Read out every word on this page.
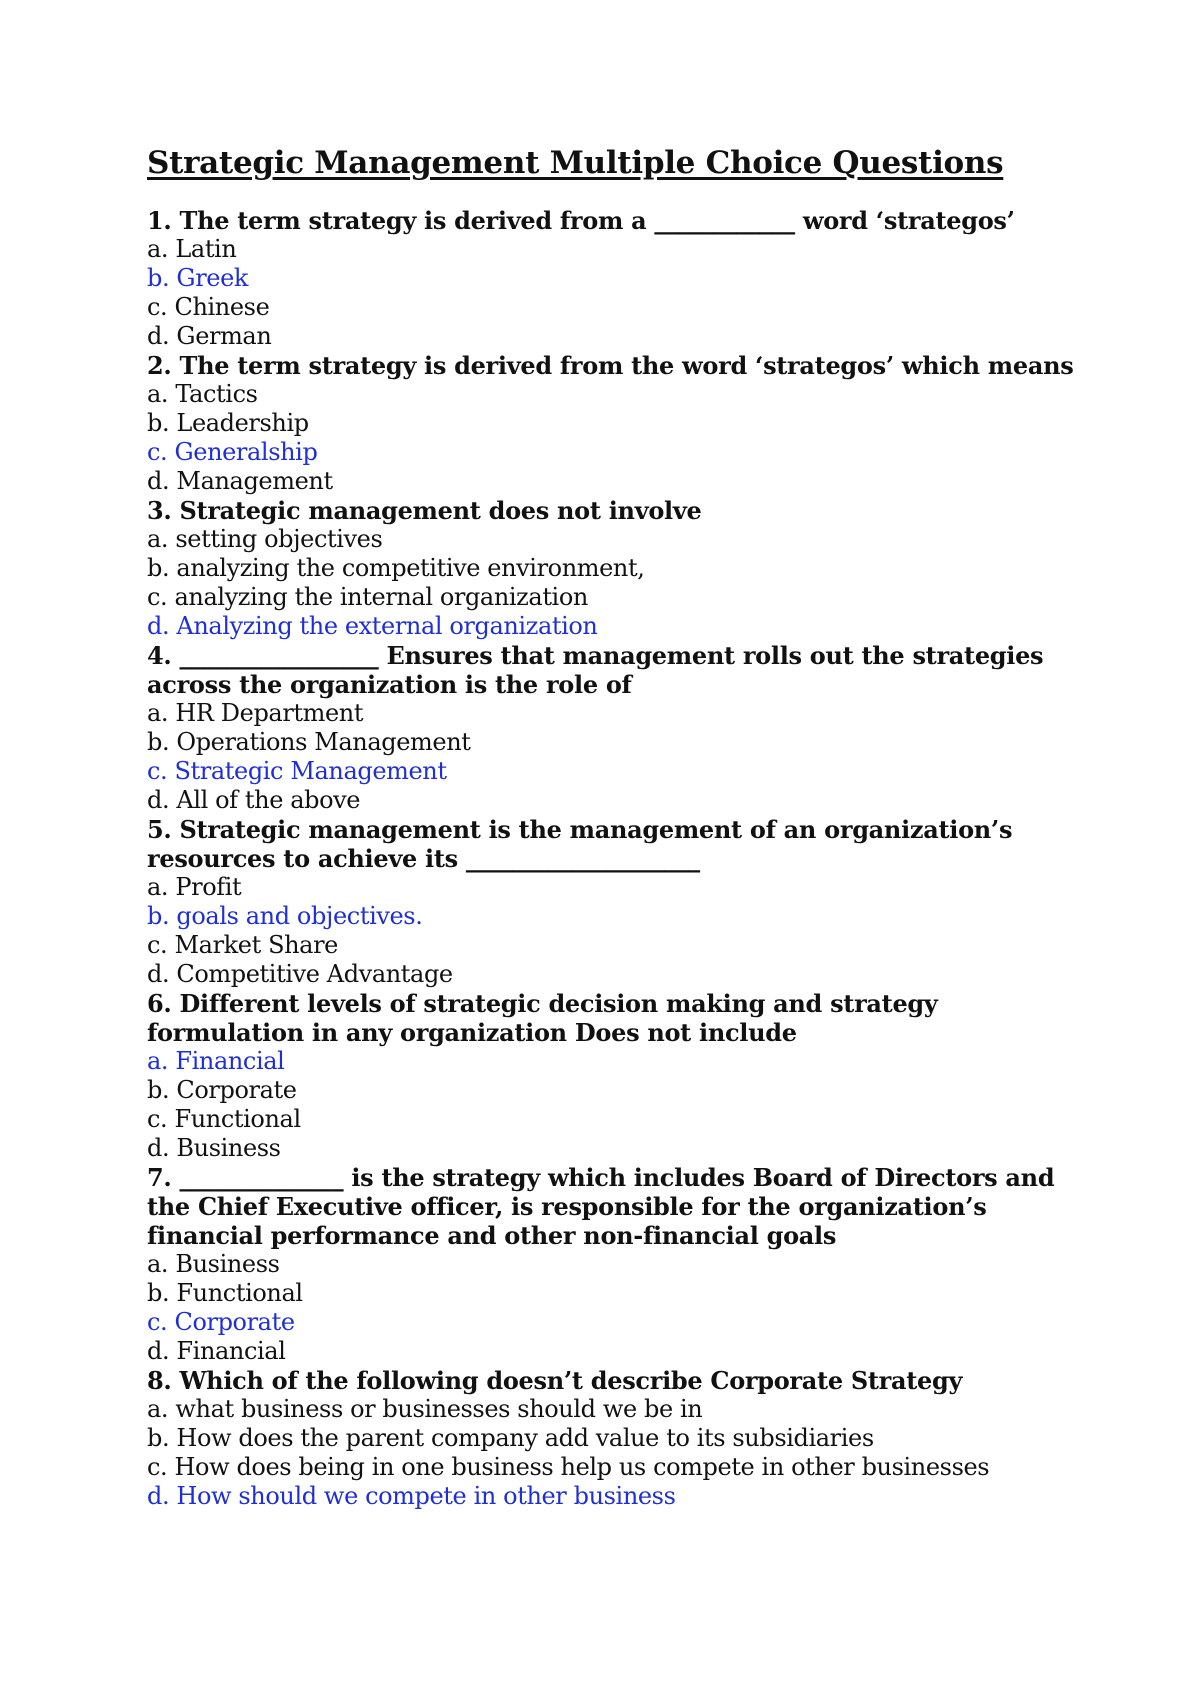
Strategic Management Multiple Choice Questions
1. The term strategy is derived from a ____________ word ‘strategos’
a. Latin
b. Greek
c. Chinese
d. German
2. The term strategy is derived from the word ‘strategos’ which means
a. Tactics
b. Leadership
c. Generalship
d. Management
3. Strategic management does not involve
a. setting objectives
b. analyzing the competitive environment,
c. analyzing the internal organization
d. Analyzing the external organization
4. _________________ Ensures that management rolls out the strategies across the organization is the role of
a. HR Department
b. Operations Management
c. Strategic Management
d. All of the above
5. Strategic management is the management of an organization’s resources to achieve its ____________________
a. Profit
b. goals and objectives.
c. Market Share
d. Competitive Advantage
6. Different levels of strategic decision making and strategy formulation in any organization Does not include
a. Financial
b. Corporate
c. Functional
d. Business
7. ______________ is the strategy which includes Board of Directors and the Chief Executive officer, is responsible for the organization’s financial performance and other non-financial goals
a. Business
b. Functional
c. Corporate
d. Financial
8. Which of the following doesn’t describe Corporate Strategy
a. what business or businesses should we be in
b. How does the parent company add value to its subsidiaries
c. How does being in one business help us compete in other businesses
d. How should we compete in other business
